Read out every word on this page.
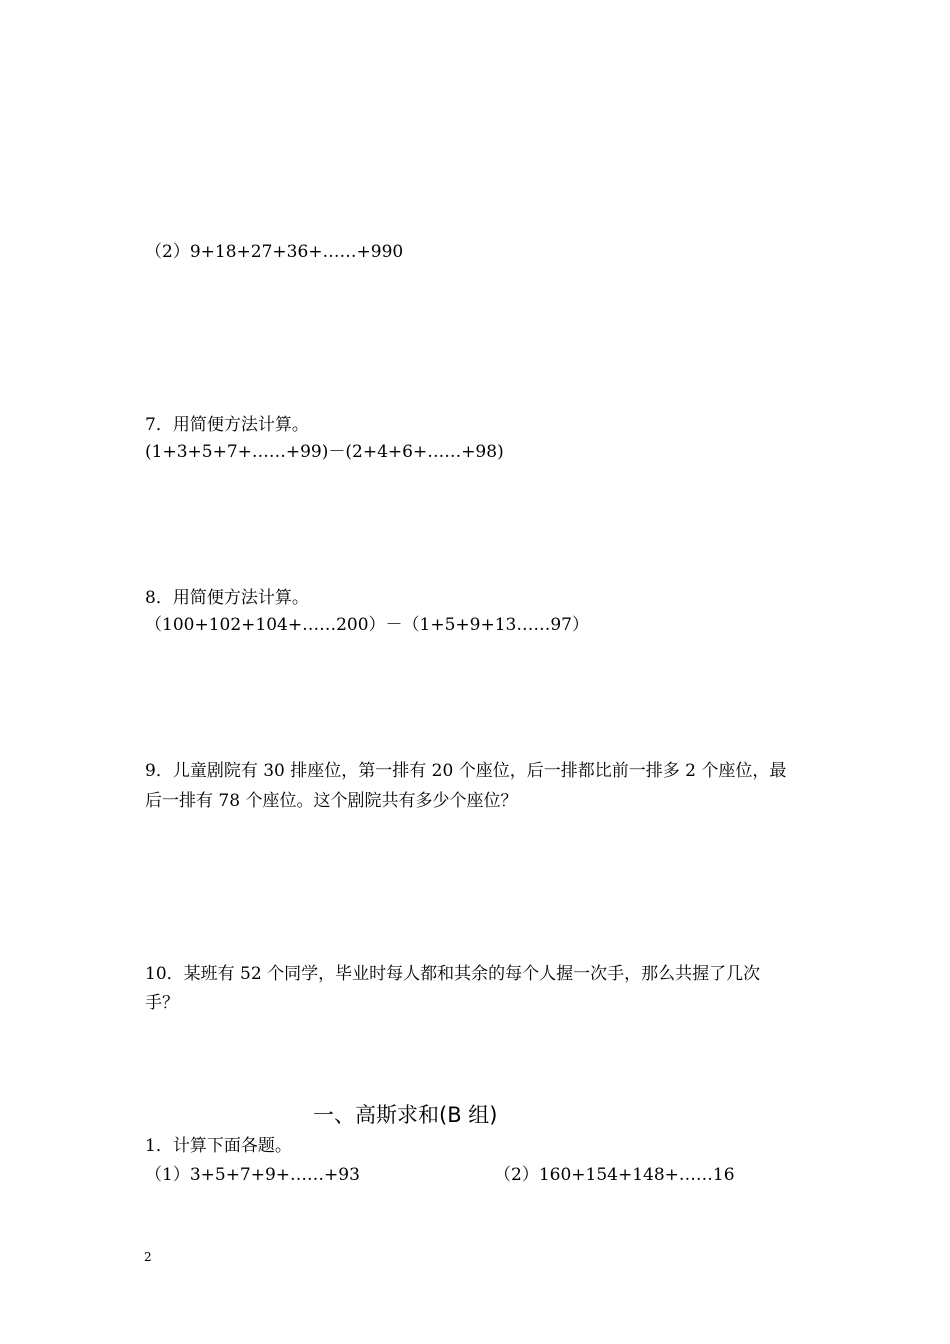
（2）9+18+27+36+……+990
7．用简便方法计算。
(1+3+5+7+……+99)－(2+4+6+……+98)
8．用简便方法计算。
（100+102+104+……200）－（1+5+9+13……97）
9．儿童剧院有 30 排座位，第一排有 20 个座位，后一排都比前一排多 2 个座位，最
后一排有 78 个座位。这个剧院共有多少个座位？
10．某班有 52 个同学，毕业时每人都和其余的每个人握一次手，那么共握了几次
手？
一、高斯求和(B 组)
1．计算下面各题。
（1）3+5+7+9+……+93	（2）160+154+148+……16
2
